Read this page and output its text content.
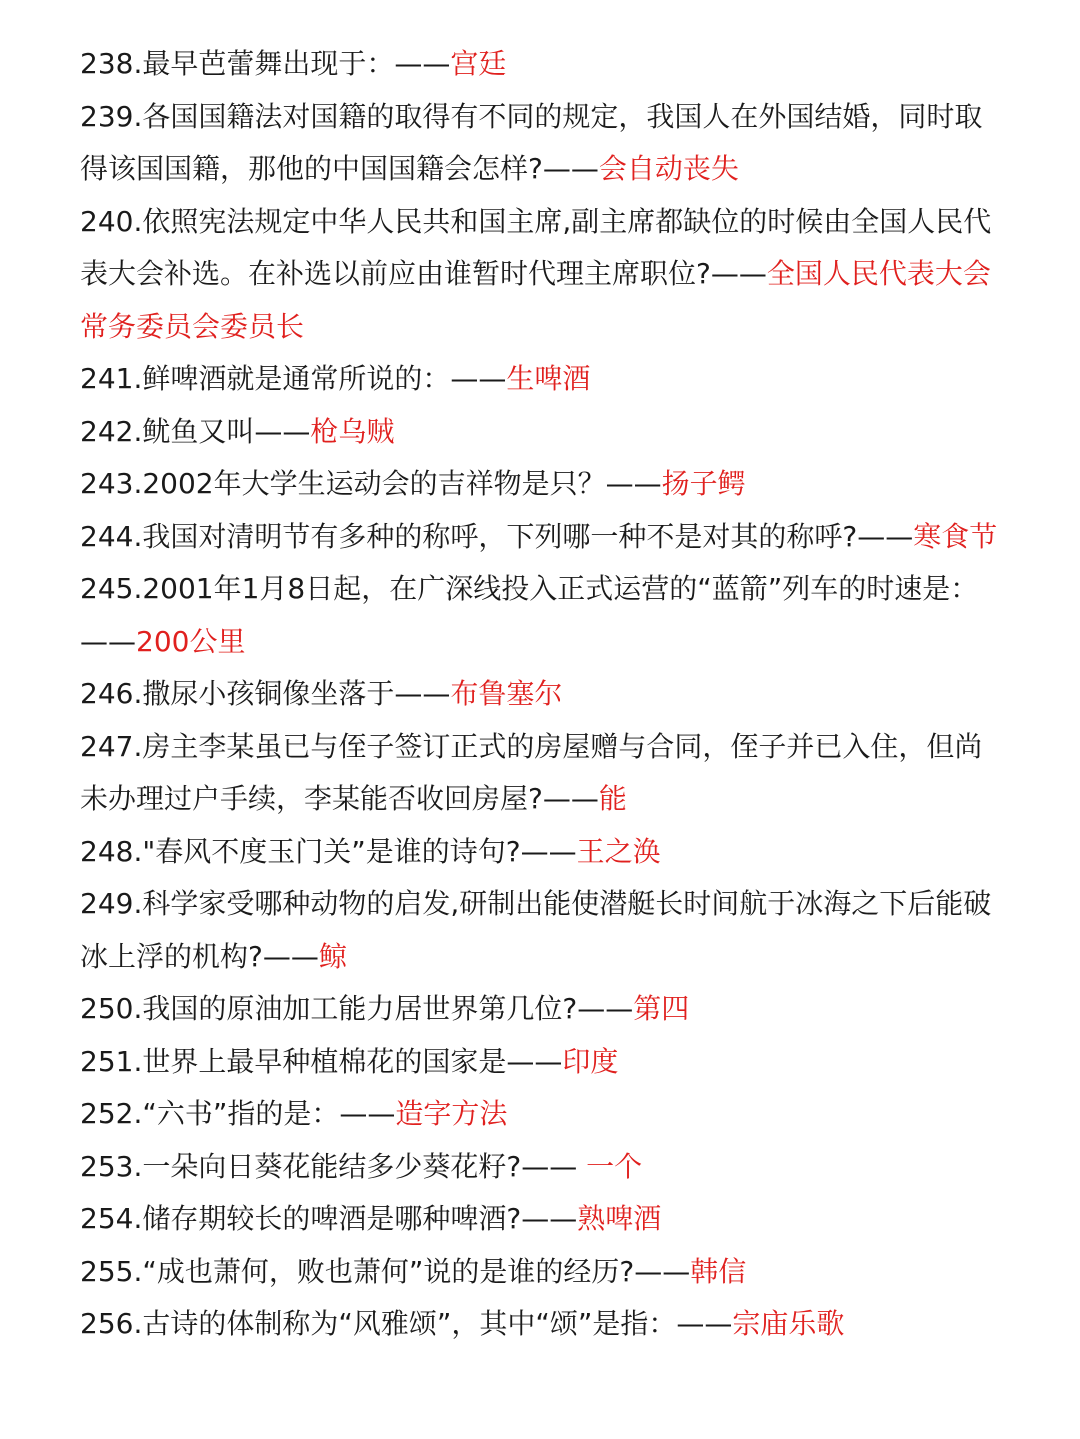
238.最早芭蕾舞出现于：——宫廷

239.各国国籍法对国籍的取得有不同的规定，我国人在外国结婚，同时取得该国国籍，那他的中国国籍会怎样?——会自动丧失

240.依照宪法规定中华人民共和国主席,副主席都缺位的时候由全国人民代表大会补选。在补选以前应由谁暂时代理主席职位?——全国人民代表大会常务委员会委员长

241.鲜啤酒就是通常所说的：——生啤酒

242.鱿鱼又叫——枪乌贼

243.2002年大学生运动会的吉祥物是只？——扬子鳄

244.我国对清明节有多种的称呼，下列哪一种不是对其的称呼?——寒食节

245.2001年1月8日起，在广深线投入正式运营的“蓝箭”列车的时速是：——200公里

246.撒尿小孩铜像坐落于——布鲁塞尔

247.房主李某虽已与侄子签订正式的房屋赠与合同，侄子并已入住，但尚未办理过户手续，李某能否收回房屋?——能

248."春风不度玉门关”是谁的诗句?——王之涣

249.科学家受哪种动物的启发,研制出能使潜艇长时间航于冰海之下后能破冰上浮的机构?——鲸

250.我国的原油加工能力居世界第几位?——第四

251.世界上最早种植棉花的国家是——印度

252.“六书”指的是：——造字方法

253.一朵向日葵花能结多少葵花籽?—— 一个

254.储存期较长的啤酒是哪种啤酒?——熟啤酒

255.“成也萧何，败也萧何”说的是谁的经历?——韩信

256.古诗的体制称为“风雅颂”，其中“颂”是指：——宗庙乐歌
